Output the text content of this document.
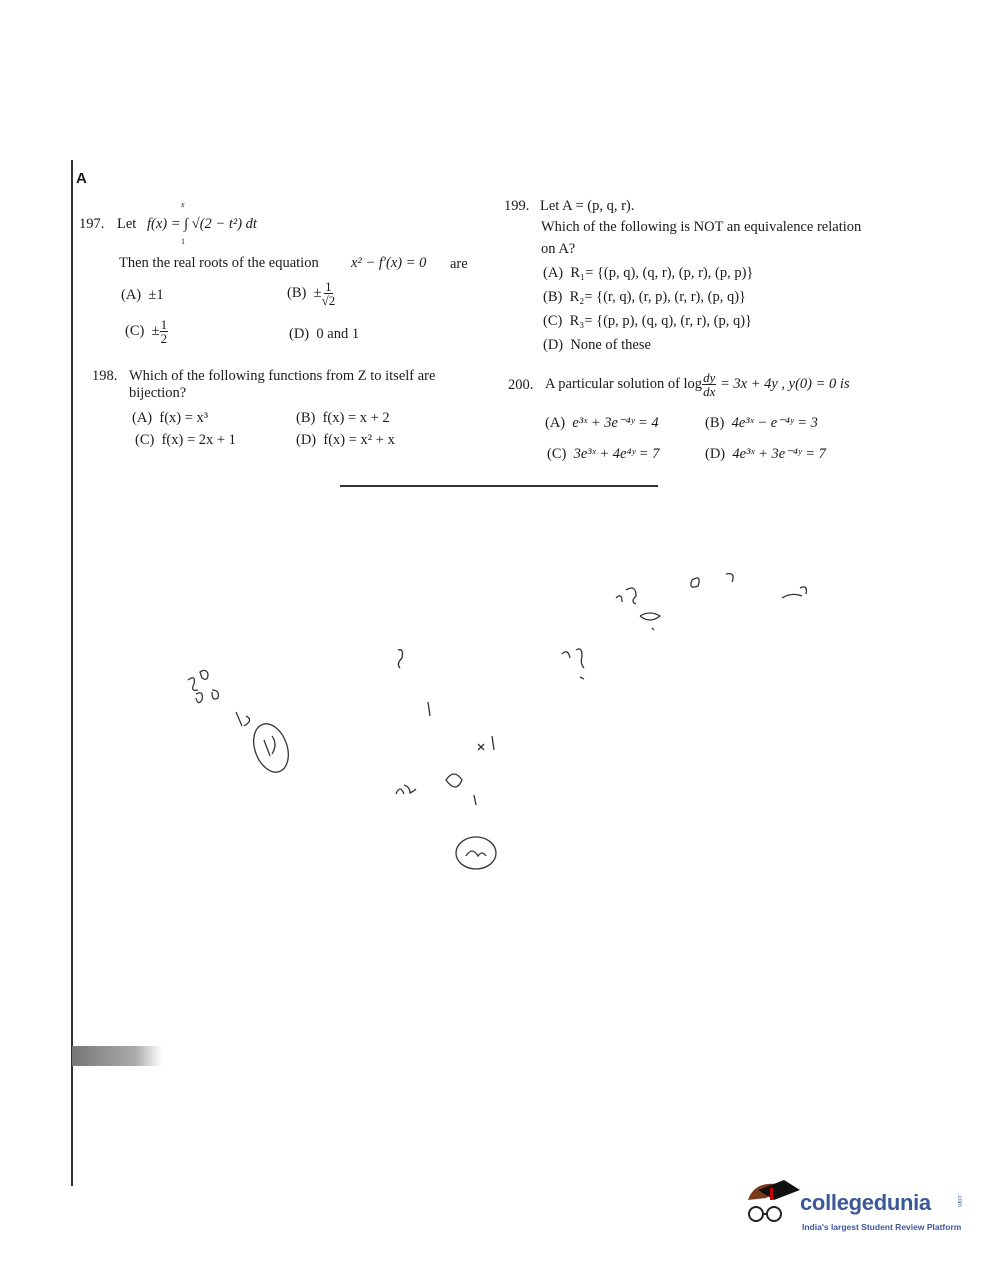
A
197. Let f(x) = ∫ √(2 − t²) dt
x
1
Then the real roots of the equation x² − f′(x) = 0 are
(A) ±1	$(B) \pm \frac{1}{√2}$
$(C) \pm \frac{1}{2}$	(D) 0 and 1
198. Which of the following functions from Z to itself are
bijection?
(A) f(x) = x³	(B) f(x) = x + 2
(C) f(x) = 2x + 1	(D) f(x) = x² + x
199. Let A = (p, q, r).
Which of the following is NOT an equivalence relation
on A?
(A) R₁= {(p, q), (q, r), (p, r), (p, p)}
(B) R₂= {(r, q), (r, p), (r, r), (p, q)}
(C) R₃= {(p, p), (q, q), (r, r), (p, q)}
(D) None of these
200. A particular solution of $\log \frac{dy}{dx} = 3x + 4y$ , y(0) = 0 is
(A) e³ˣ + 3e⁻⁴ʸ = 4	(B) 4e³ˣ − e⁻⁴ʸ = 3
(C) 3e³ˣ + 4e⁴ʸ = 7	(D) 4e³ˣ + 3e⁻⁴ʸ = 7
collegedunia	.com
India's largest Student Review Platform
